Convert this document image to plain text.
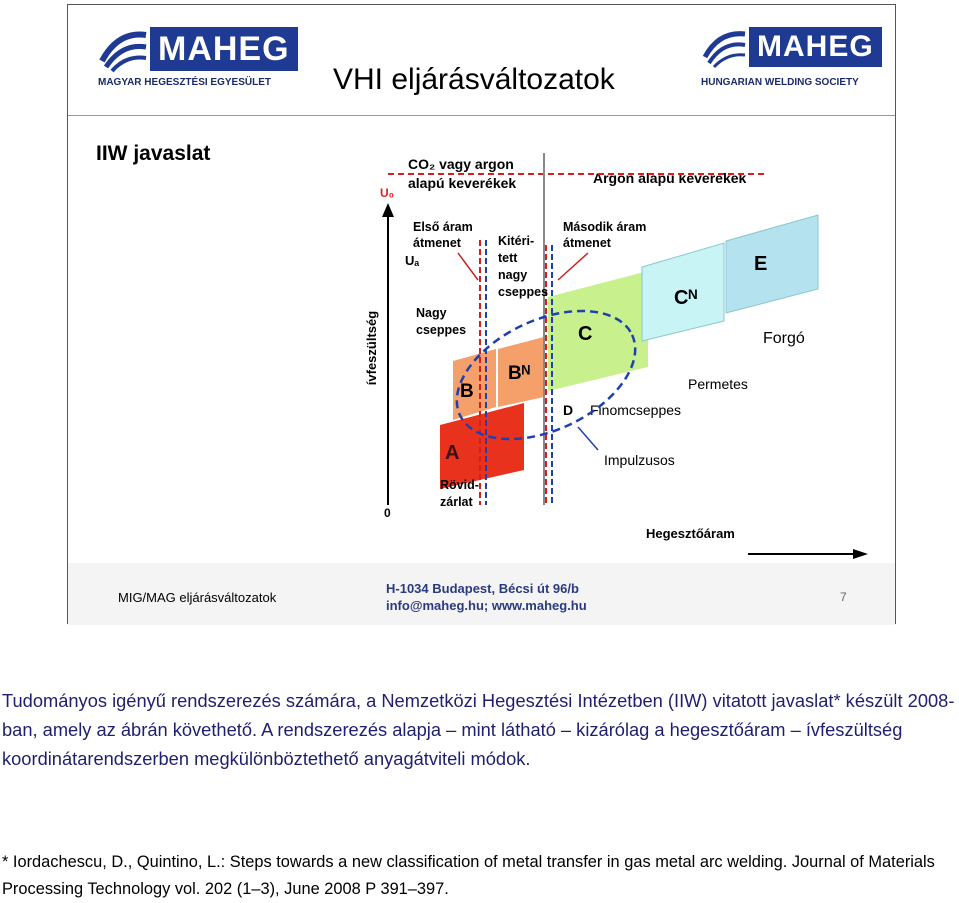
MAHEG
MAGYAR HEGESZTÉSI EGYESÜLET
MAHEG
HUNGARIAN WELDING SOCIETY
VHI eljárásváltozatok
IIW javaslat
U₀
Uₐ
ívfeszültség
0
Hegesztőáram
CO₂ vagy argon
alapú keverékek	Argon alapú keverékek
A
B
Bᴺ
C
Cᴺ
E
Első áram
átmenet	Kitéri-
tett
nagy
cseppes
Második áram
átmenet
Nagy
cseppes
Rövid-
zárlat
D Finomcseppes
Permetes
Forgó
Impulzusos
MIG/MAG eljárásváltozatok
H-1034 Budapest, Bécsi út 96/b
info@maheg.hu; www.maheg.hu
7
Tudományos igényű rendszerezés számára, a Nemzetközi Hegesztési Intézetben (IIW) vitatott javaslat* készült 2008-ban, amely az ábrán követhető. A rendszerezés alapja – mint látható – kizárólag a hegesztőáram – ívfeszültség koordinátarendszerben megkülönböztethető anyagátviteli módok.
* Iordachescu, D., Quintino, L.: Steps towards a new classification of metal transfer in gas metal arc welding. Journal of Materials Processing Technology vol. 202 (1–3), June 2008 P 391–397.
